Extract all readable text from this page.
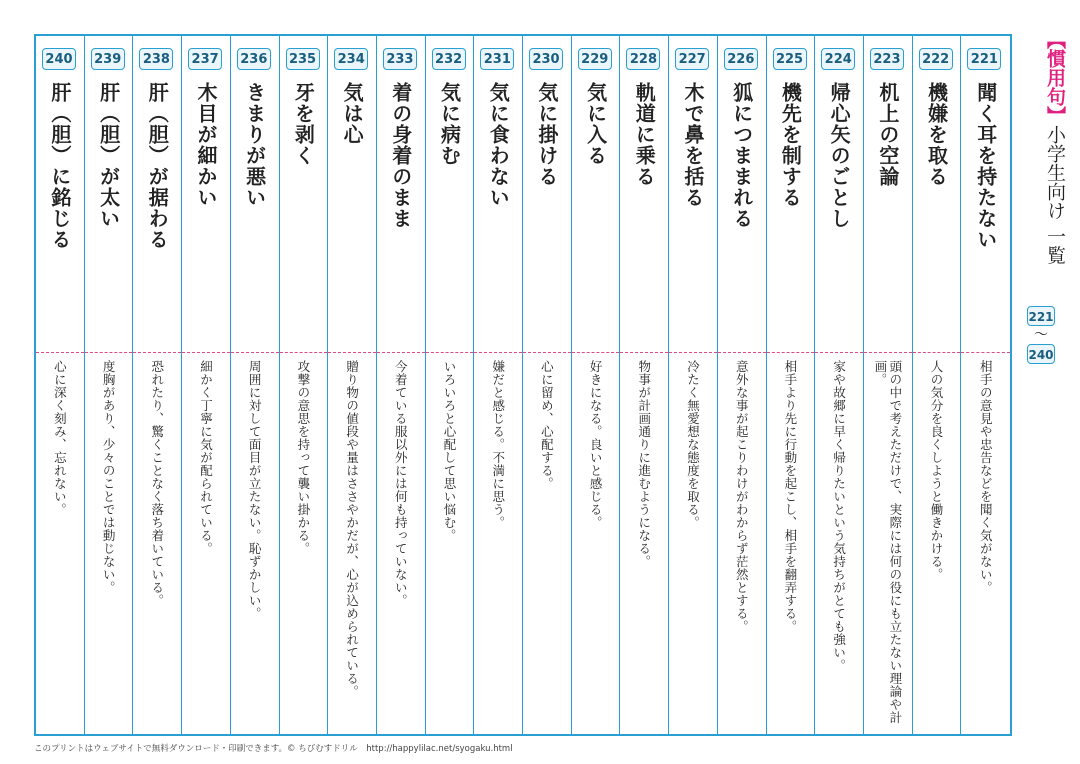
240
肝（胆）に銘じる
心に深く刻み、忘れない。
239
肝（胆）が太い
度胸があり、少々のことでは動じない。
238
肝（胆）が据わる
恐れたり、驚くことなく落ち着いている。
237
木目が細かい
細かく丁寧に気が配られている。
236
きまりが悪い
周囲に対して面目が立たない。恥ずかしい。
235
牙を剥く
攻撃の意思を持って襲い掛かる。
234
気は心
贈り物の値段や量はささやかだが、心が込められている。
233
着の身着のまま
今着ている服以外には何も持っていない。
232
気に病む
いろいろと心配して思い悩む。
231
気に食わない
嫌だと感じる。不満に思う。
230
気に掛ける
心に留め、心配する。
229
気に入る
好きになる。良いと感じる。
228
軌道に乗る
物事が計画通りに進むようになる。
227
木で鼻を括る
冷たく無愛想な態度を取る。
226
狐につままれる
意外な事が起こりわけがわからず茫然とする。
225
機先を制する
相手より先に行動を起こし、相手を翻弄する。
224
帰心矢のごとし
家や故郷に早く帰りたいという気持ちがとても強い。
223
机上の空論
頭の中で考えただけで、実際には何の役にも立たない理論や計画。
222
機嫌を取る
人の気分を良くしようと働きかける。
221
聞く耳を持たない
相手の意見や忠告などを聞く気がない。
【慣用句】小学生向け 一覧
221
〜
240
このプリントはウェブサイトで無料ダウンロード・印刷できます。© ちびむすドリル　http://happylilac.net/syogaku.html
